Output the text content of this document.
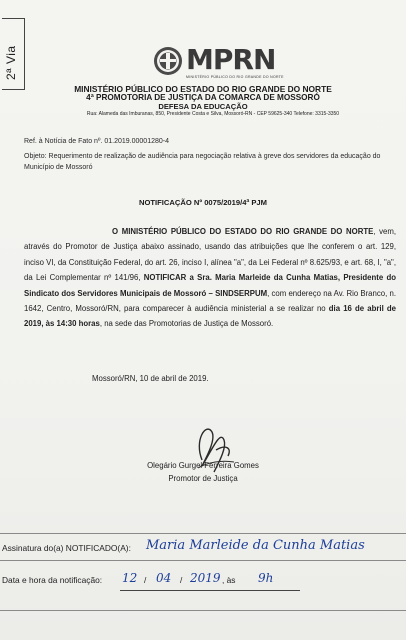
2ª Via	MPRN
MINISTÉRIO PÚBLICO DO RIO GRANDE DO NORTE
MINISTÉRIO PÚBLICO DO ESTADO DO RIO GRANDE DO NORTE
4ª PROMOTORIA DE JUSTIÇA DA COMARCA DE MOSSORÓ
DEFESA DA EDUCAÇÃO
Rua: Alameda das Imburanas, 850, Presidente Costa e Silva, Mossoró-RN - CEP 59625-340 Telefone: 3315-3350
Ref. à Notícia de Fato nº. 01.2019.00001280-4
Objeto: Requerimento de realização de audiência para negociação relativa à greve dos servidores da educação do Município de Mossoró
NOTIFICAÇÃO Nº 0075/2019/4ª PJM
O MINISTÉRIO PÚBLICO DO ESTADO DO RIO GRANDE DO NORTE, vem, através do Promotor de Justiça abaixo assinado, usando das atribuições que lhe conferem o art. 129, inciso VI, da Constituição Federal, do art. 26, inciso I, alínea "a", da Lei Federal nº 8.625/93, e art. 68, I, "a", da Lei Complementar nº 141/96, NOTIFICAR a Sra. Maria Marleide da Cunha Matias, Presidente do Sindicato dos Servidores Municipais de Mossoró – SINDSERPUM, com endereço na Av. Rio Branco, n. 1642, Centro, Mossoró/RN, para comparecer à audiência ministerial a se realizar no dia 16 de abril de 2019, às 14:30 horas, na sede das Promotorias de Justiça de Mossoró.
Mossoró/RN, 10 de abril de 2019.
Olegário Gurgel Ferreira Gomes
Promotor de Justiça
Assinatura do(a) NOTIFICADO(A): Maria Marleide da Cunha Matias
Data e hora da notificação: 12 / 04 / 2019 , às 9h
